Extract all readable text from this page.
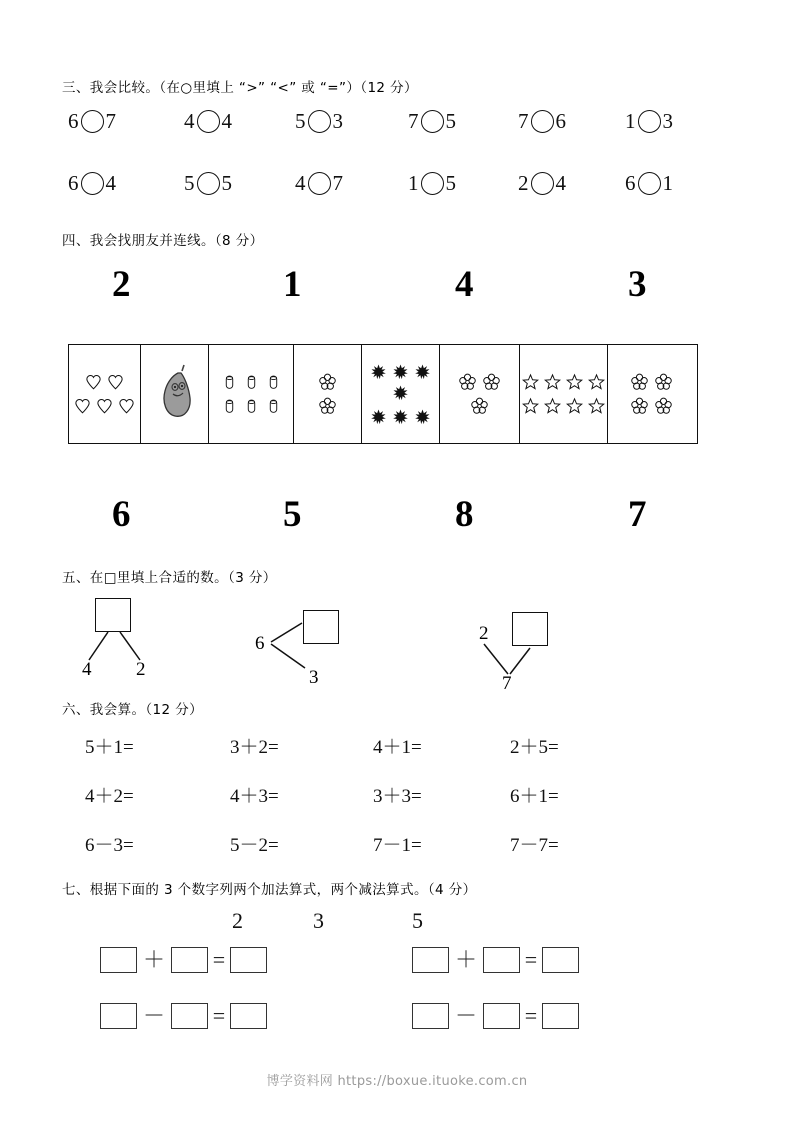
三、我会比较。（在○里填上 “>” “<” 或 “=”）（12 分）
6 7	4 4	5 3	7 5	7 6	1 3
6 4	5 5	4 7	1 5	2 4	6 1
四、我会找朋友并连线。（8 分）
2	1	4	3
6	5	8	7
五、在□里填上合适的数。（3 分）
4 2
6
3
2
7
六、我会算。（12 分）
5＋1=	3＋2=	4＋1=	2＋5=
4＋2=	4＋3=	3＋3=	6＋1=
6－3=	5－2=	7－1=	7－7=
七、根据下面的 3 个数字列两个加法算式，两个减法算式。（4 分）
2	3	5
＋ =	＋ =
－ =	－ =
博学资料网 https://boxue.ituoke.com.cn
